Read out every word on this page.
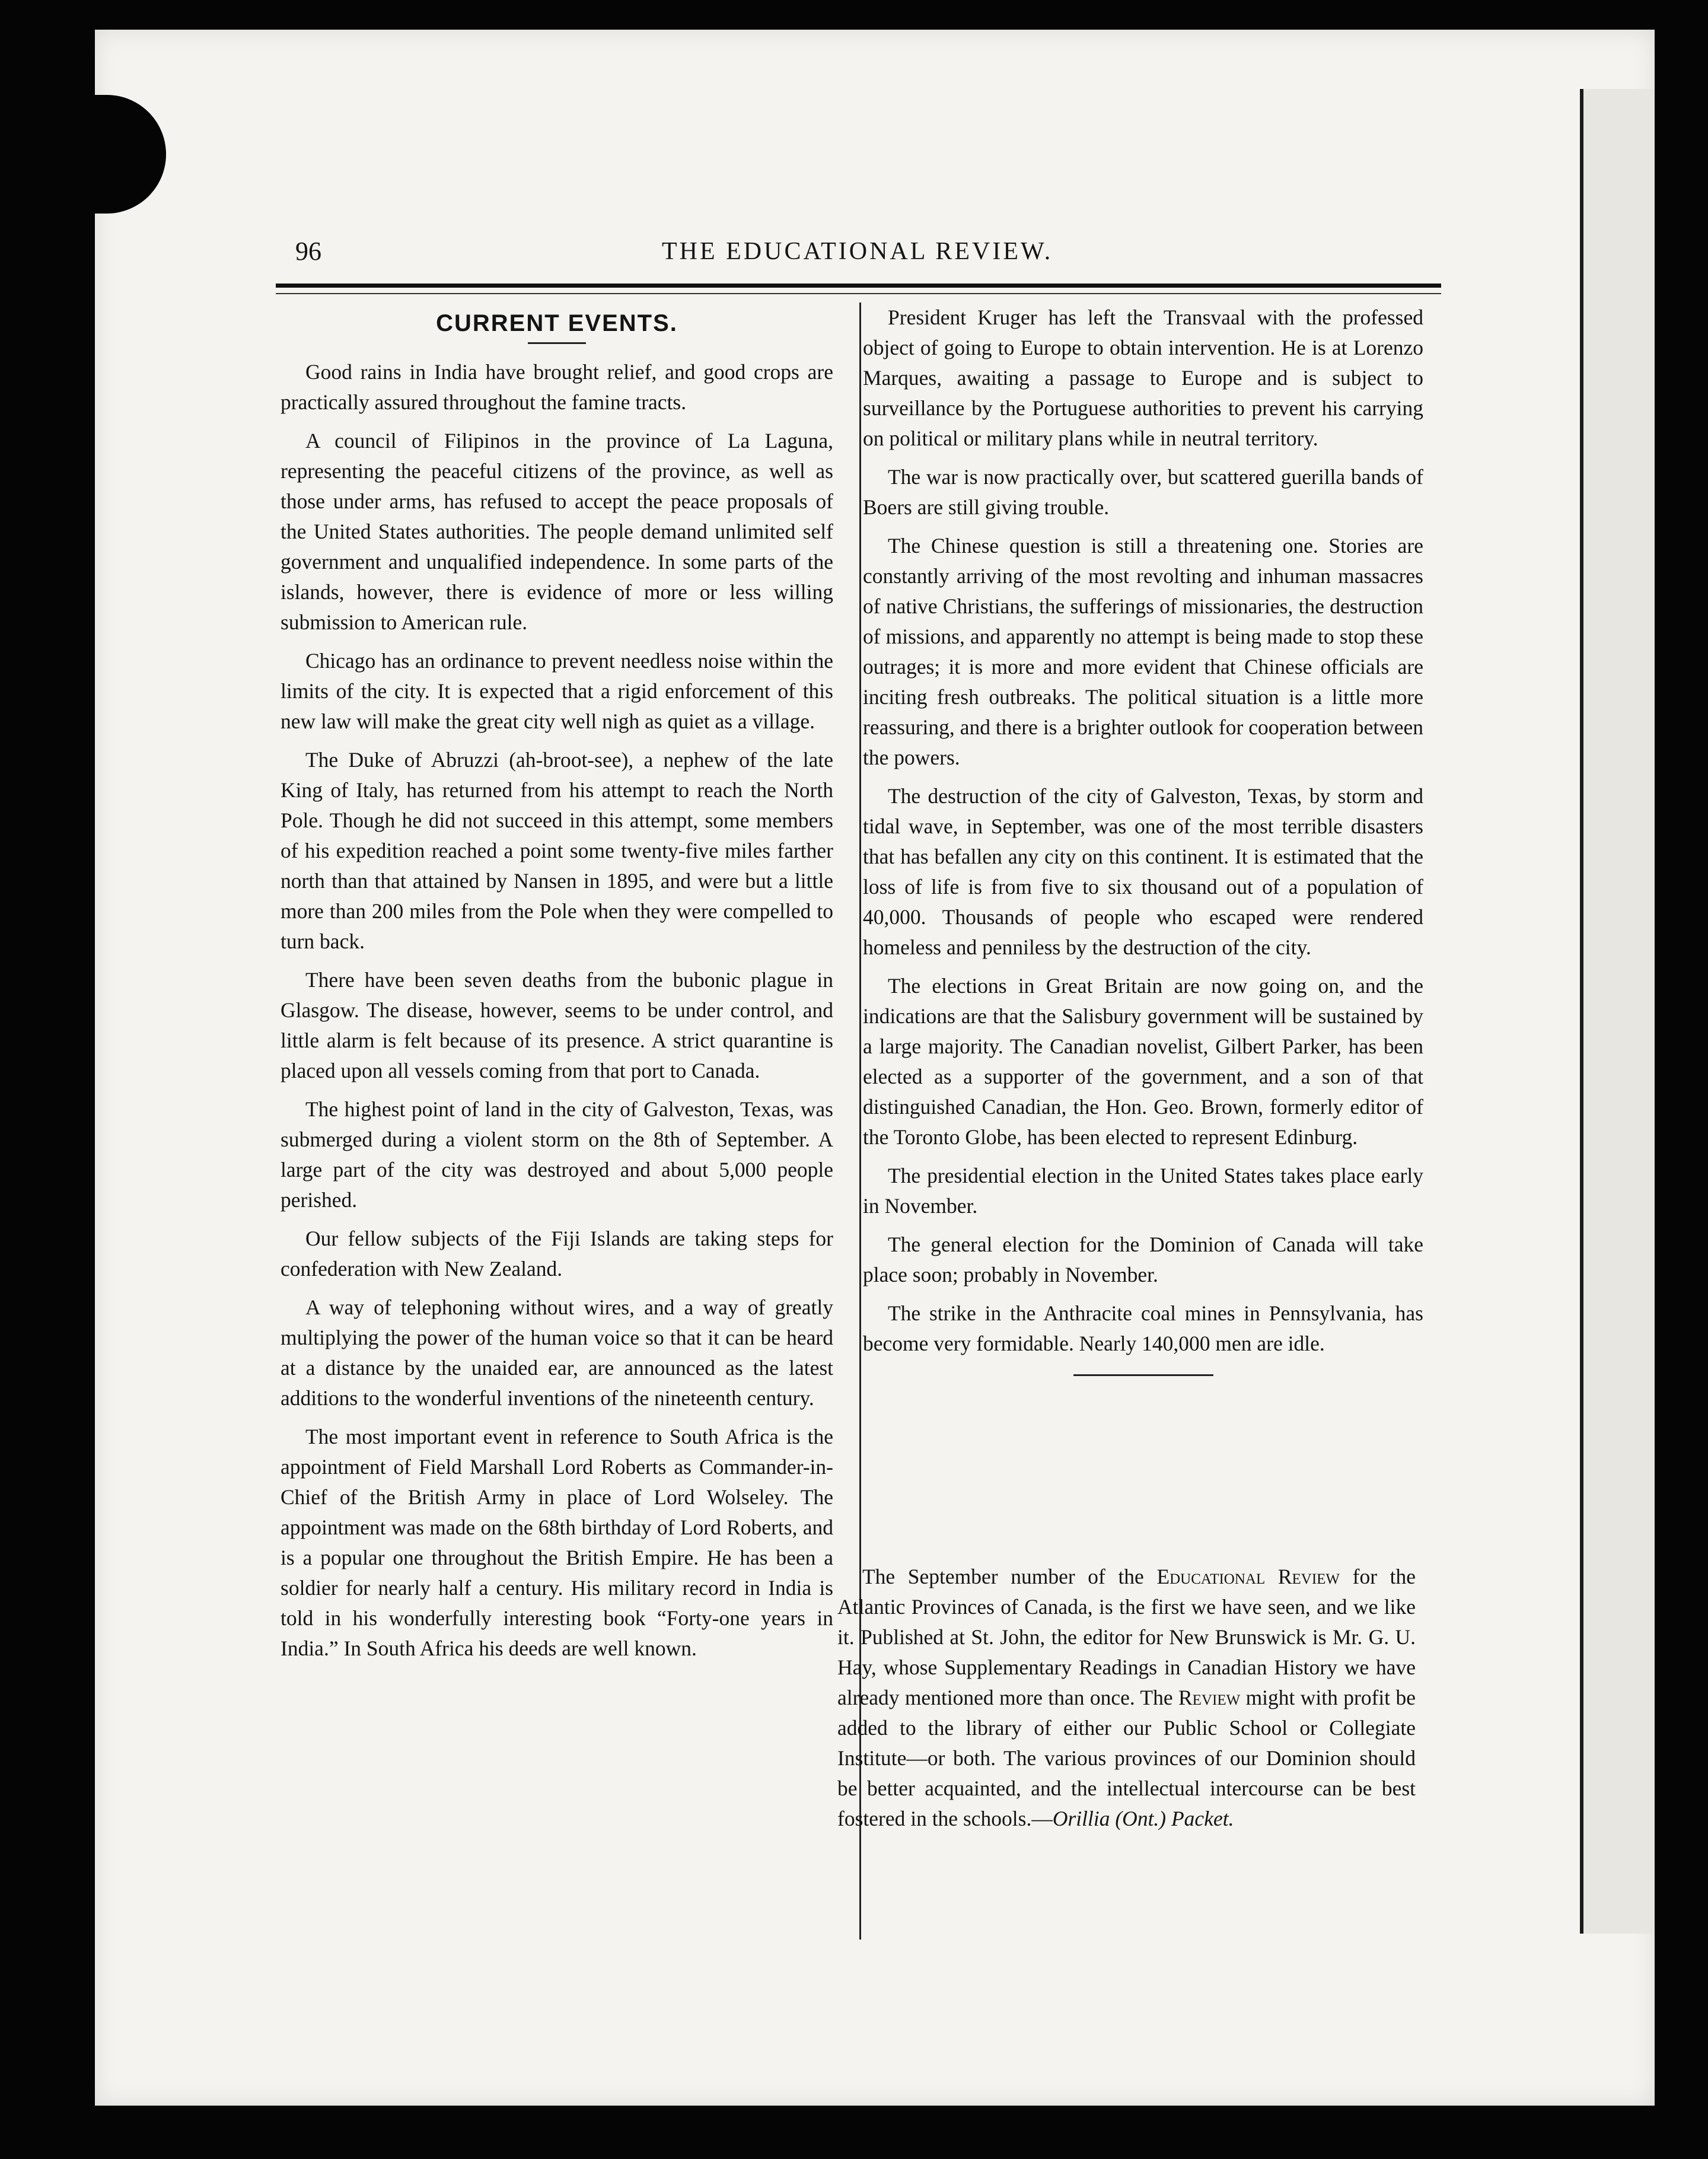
96	THE EDUCATIONAL REVIEW.
CURRENT EVENTS.

Good rains in India have brought relief, and good crops are practically assured throughout the famine tracts.

A council of Filipinos in the province of La Laguna, representing the peaceful citizens of the province, as well as those under arms, has refused to accept the peace proposals of the United States authorities. The people demand unlimited self government and unqualified independence. In some parts of the islands, however, there is evidence of more or less willing submission to American rule.

Chicago has an ordinance to prevent needless noise within the limits of the city. It is expected that a rigid enforcement of this new law will make the great city well nigh as quiet as a village.

The Duke of Abruzzi (ah-broot-see), a nephew of the late King of Italy, has returned from his attempt to reach the North Pole. Though he did not succeed in this attempt, some members of his expedition reached a point some twenty-five miles farther north than that attained by Nansen in 1895, and were but a little more than 200 miles from the Pole when they were compelled to turn back.

There have been seven deaths from the bubonic plague in Glasgow. The disease, however, seems to be under control, and little alarm is felt because of its presence. A strict quarantine is placed upon all vessels coming from that port to Canada.

The highest point of land in the city of Galveston, Texas, was submerged during a violent storm on the 8th of September. A large part of the city was destroyed and about 5,000 people perished.

Our fellow subjects of the Fiji Islands are taking steps for confederation with New Zealand.

A way of telephoning without wires, and a way of greatly multiplying the power of the human voice so that it can be heard at a distance by the unaided ear, are announced as the latest additions to the wonderful inventions of the nineteenth century.

The most important event in reference to South Africa is the appointment of Field Marshall Lord Roberts as Commander-in-Chief of the British Army in place of Lord Wolseley. The appointment was made on the 68th birthday of Lord Roberts, and is a popular one throughout the British Empire. He has been a soldier for nearly half a century. His military record in India is told in his wonderfully interesting book “Forty-one years in India.” In South Africa his deeds are well known.

President Kruger has left the Transvaal with the professed object of going to Europe to obtain intervention. He is at Lorenzo Marques, awaiting a passage to Europe and is subject to surveillance by the Portuguese authorities to prevent his carrying on political or military plans while in neutral territory.

The war is now practically over, but scattered guerilla bands of Boers are still giving trouble.

The Chinese question is still a threatening one. Stories are constantly arriving of the most revolting and inhuman massacres of native Christians, the sufferings of missionaries, the destruction of missions, and apparently no attempt is being made to stop these outrages; it is more and more evident that Chinese officials are inciting fresh outbreaks. The political situation is a little more reassuring, and there is a brighter outlook for cooperation between the powers.

The destruction of the city of Galveston, Texas, by storm and tidal wave, in September, was one of the most terrible disasters that has befallen any city on this continent. It is estimated that the loss of life is from five to six thousand out of a population of 40,000. Thousands of people who escaped were rendered homeless and penniless by the destruction of the city.

The elections in Great Britain are now going on, and the indications are that the Salisbury government will be sustained by a large majority. The Canadian novelist, Gilbert Parker, has been elected as a supporter of the government, and a son of that distinguished Canadian, the Hon. Geo. Brown, formerly editor of the Toronto Globe, has been elected to represent Edinburg.

The presidential election in the United States takes place early in November.

The general election for the Dominion of Canada will take place soon; probably in November.

The strike in the Anthracite coal mines in Pennsylvania, has become very formidable. Nearly 140,000 men are idle.

The September number of the Educational Review for the Atlantic Provinces of Canada, is the first we have seen, and we like it. Published at St. John, the editor for New Brunswick is Mr. G. U. Hay, whose Supplementary Readings in Canadian History we have already mentioned more than once. The Review might with profit be added to the library of either our Public School or Collegiate Institute—or both. The various provinces of our Dominion should be better acquainted, and the intellectual intercourse can be best fostered in the schools.—Orillia (Ont.) Packet.
